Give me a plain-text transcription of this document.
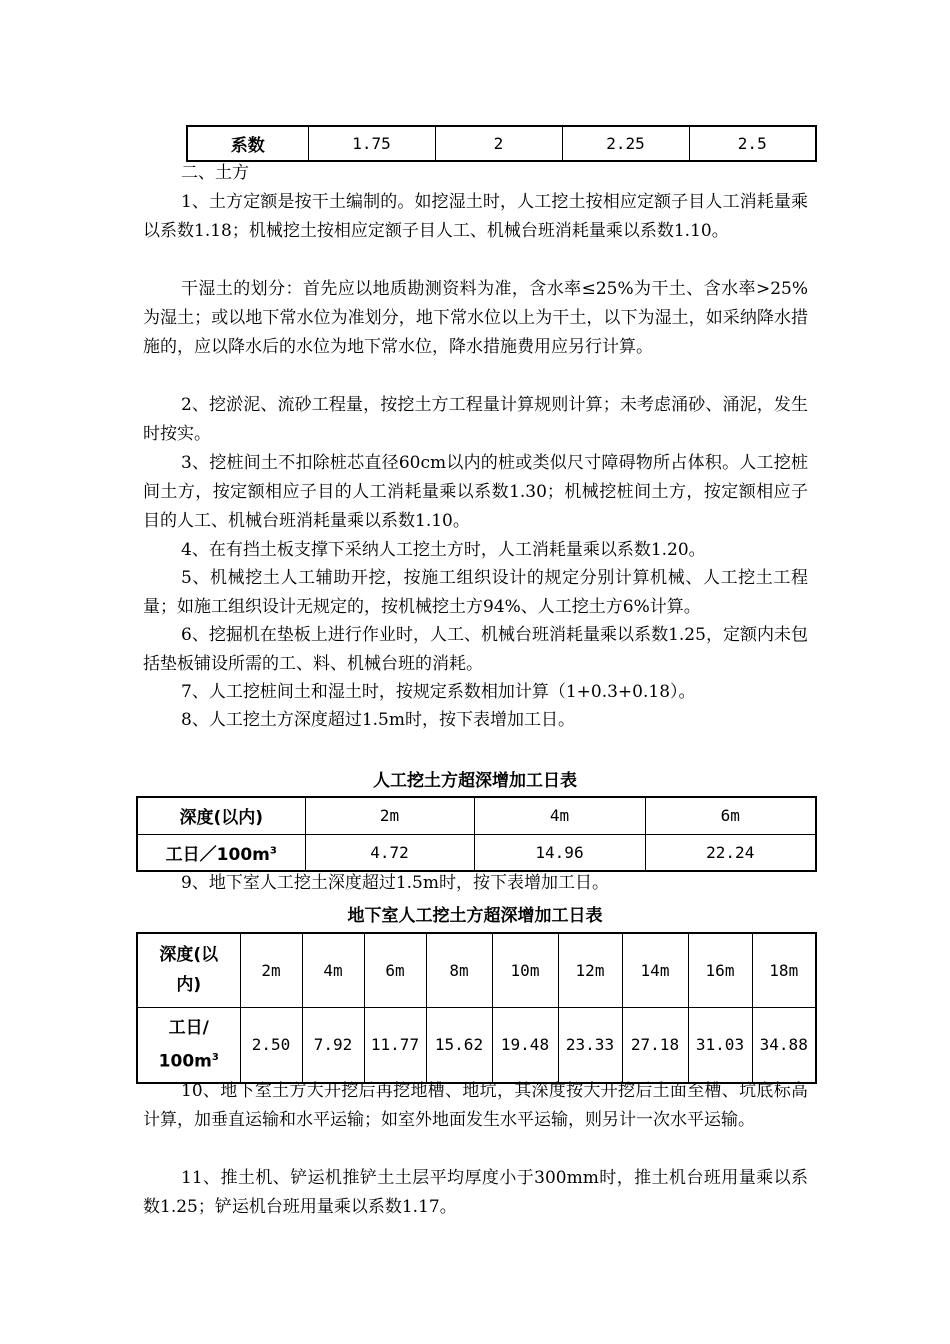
系数	1.75	2	2.25	2.5

二、土方

1、土方定额是按干土编制的。如挖湿土时，人工挖土按相应定额子目人工消耗量乘以系数1.18；机械挖土按相应定额子目人工、机械台班消耗量乘以系数1.10。

干湿土的划分：首先应以地质勘测资料为准，含水率≤25%为干土、含水率>25%为湿土；或以地下常水位为准划分，地下常水位以上为干土，以下为湿土，如采纳降水措施的，应以降水后的水位为地下常水位，降水措施费用应另行计算。

2、挖淤泥、流砂工程量，按挖土方工程量计算规则计算；未考虑涌砂、涌泥，发生时按实。

3、挖桩间土不扣除桩芯直径60cm以内的桩或类似尺寸障碍物所占体积。人工挖桩间土方，按定额相应子目的人工消耗量乘以系数1.30；机械挖桩间土方，按定额相应子目的人工、机械台班消耗量乘以系数1.10。

4、在有挡土板支撑下采纳人工挖土方时，人工消耗量乘以系数1.20。

5、机械挖土人工辅助开挖，按施工组织设计的规定分别计算机械、人工挖土工程量；如施工组织设计无规定的，按机械挖土方94%、人工挖土方6%计算。

6、挖掘机在垫板上进行作业时，人工、机械台班消耗量乘以系数1.25，定额内未包括垫板铺设所需的工、料、机械台班的消耗。

7、人工挖桩间土和湿土时，按规定系数相加计算（1+0.3+0.18）。

8、人工挖土方深度超过1.5m时，按下表增加工日。

人工挖土方超深增加工日表

深度(以内)	2m	4m	6m
工日$/100m^3$	4.72	14.96	22.24

9、地下室人工挖土深度超过1.5m时，按下表增加工日。

地下室人工挖土方超深增加工日表

深度(以
内)	2m	4m	6m	8m	10m	12m	14m	16m	18m

工日/
$100m^3$	2.50	7.92	11.77	15.62	19.48	23.33	27.18	31.03	34.88

10、地下室土方大开挖后再挖地槽、地坑，其深度按大开挖后土面至槽、坑底标高计算，加垂直运输和水平运输；如室外地面发生水平运输，则另计一次水平运输。

11、推土机、铲运机推铲土土层平均厚度小于300mm时，推土机台班用量乘以系数1.25；铲运机台班用量乘以系数1.17。
